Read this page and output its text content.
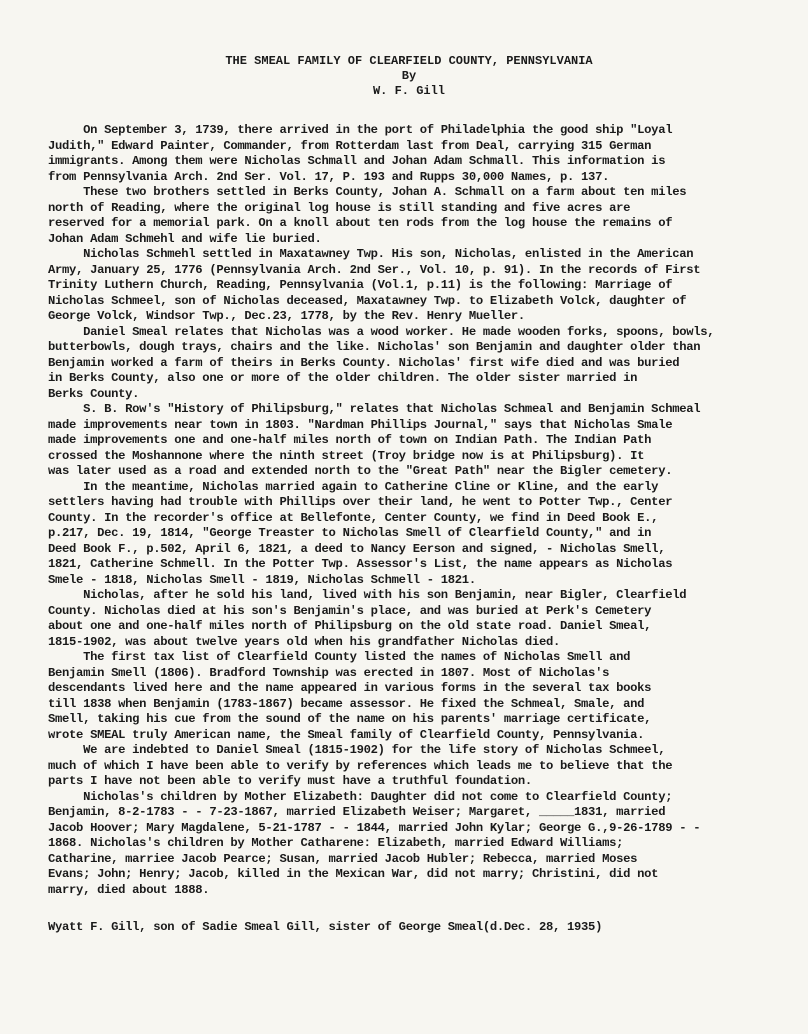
THE SMEAL FAMILY OF CLEARFIELD COUNTY, PENNSYLVANIA
By
W. F. Gill
On September 3, 1739, there arrived in the port of Philadelphia the good ship "Loyal
Judith," Edward Painter, Commander, from Rotterdam last from Deal, carrying 315 German
immigrants. Among them were Nicholas Schmall and Johan Adam Schmall. This information is
from Pennsylvania Arch. 2nd Ser. Vol. 17, P. 193 and Rupps 30,000 Names, p. 137.
These two brothers settled in Berks County, Johan A. Schmall on a farm about ten miles
north of Reading, where the original log house is still standing and five acres are
reserved for a memorial park. On a knoll about ten rods from the log house the remains of
Johan Adam Schmehl and wife lie buried.
Nicholas Schmehl settled in Maxatawney Twp. His son, Nicholas, enlisted in the American
Army, January 25, 1776 (Pennsylvania Arch. 2nd Ser., Vol. 10, p. 91). In the records of First
Trinity Luthern Church, Reading, Pennsylvania (Vol.1, p.11) is the following: Marriage of
Nicholas Schmeel, son of Nicholas deceased, Maxatawney Twp. to Elizabeth Volck, daughter of
George Volck, Windsor Twp., Dec.23, 1778, by the Rev. Henry Mueller.
Daniel Smeal relates that Nicholas was a wood worker. He made wooden forks, spoons, bowls,
butterbowls, dough trays, chairs and the like. Nicholas' son Benjamin and daughter older than
Benjamin worked a farm of theirs in Berks County. Nicholas' first wife died and was buried
in Berks County, also one or more of the older children. The older sister married in
Berks County.
S. B. Row's "History of Philipsburg," relates that Nicholas Schmeal and Benjamin Schmeal
made improvements near town in 1803. "Nardman Phillips Journal," says that Nicholas Smale
made improvements one and one-half miles north of town on Indian Path. The Indian Path
crossed the Moshannone where the ninth street (Troy bridge now is at Philipsburg). It
was later used as a road and extended north to the "Great Path" near the Bigler cemetery.
In the meantime, Nicholas married again to Catherine Cline or Kline, and the early
settlers having had trouble with Phillips over their land, he went to Potter Twp., Center
County. In the recorder's office at Bellefonte, Center County, we find in Deed Book E.,
p.217, Dec. 19, 1814, "George Treaster to Nicholas Smell of Clearfield County," and in
Deed Book F., p.502, April 6, 1821, a deed to Nancy Eerson and signed, - Nicholas Smell,
1821, Catherine Schmell. In the Potter Twp. Assessor's List, the name appears as Nicholas
Smele - 1818, Nicholas Smell - 1819, Nicholas Schmell - 1821.
Nicholas, after he sold his land, lived with his son Benjamin, near Bigler, Clearfield
County. Nicholas died at his son's Benjamin's place, and was buried at Perk's Cemetery
about one and one-half miles north of Philipsburg on the old state road. Daniel Smeal,
1815-1902, was about twelve years old when his grandfather Nicholas died.
The first tax list of Clearfield County listed the names of Nicholas Smell and
Benjamin Smell (1806). Bradford Township was erected in 1807. Most of Nicholas's
descendants lived here and the name appeared in various forms in the several tax books
till 1838 when Benjamin (1783-1867) became assessor. He fixed the Schmeal, Smale, and
Smell, taking his cue from the sound of the name on his parents' marriage certificate,
wrote SMEAL truly American name, the Smeal family of Clearfield County, Pennsylvania.
We are indebted to Daniel Smeal (1815-1902) for the life story of Nicholas Schmeel,
much of which I have been able to verify by references which leads me to believe that the
parts I have not been able to verify must have a truthful foundation.
Nicholas's children by Mother Elizabeth: Daughter did not come to Clearfield County;
Benjamin, 8-2-1783 - - 7-23-1867, married Elizabeth Weiser; Margaret, _____1831, married
Jacob Hoover; Mary Magdalene, 5-21-1787 - - 1844, married John Kylar; George G.,9-26-1789 - -
1868. Nicholas's children by Mother Catharene: Elizabeth, married Edward Williams;
Catharine, marriee Jacob Pearce; Susan, married Jacob Hubler; Rebecca, married Moses
Evans; John; Henry; Jacob, killed in the Mexican War, did not marry; Christini, did not
marry, died about 1888.
Wyatt F. Gill, son of Sadie Smeal Gill, sister of George Smeal(d.Dec. 28, 1935)
